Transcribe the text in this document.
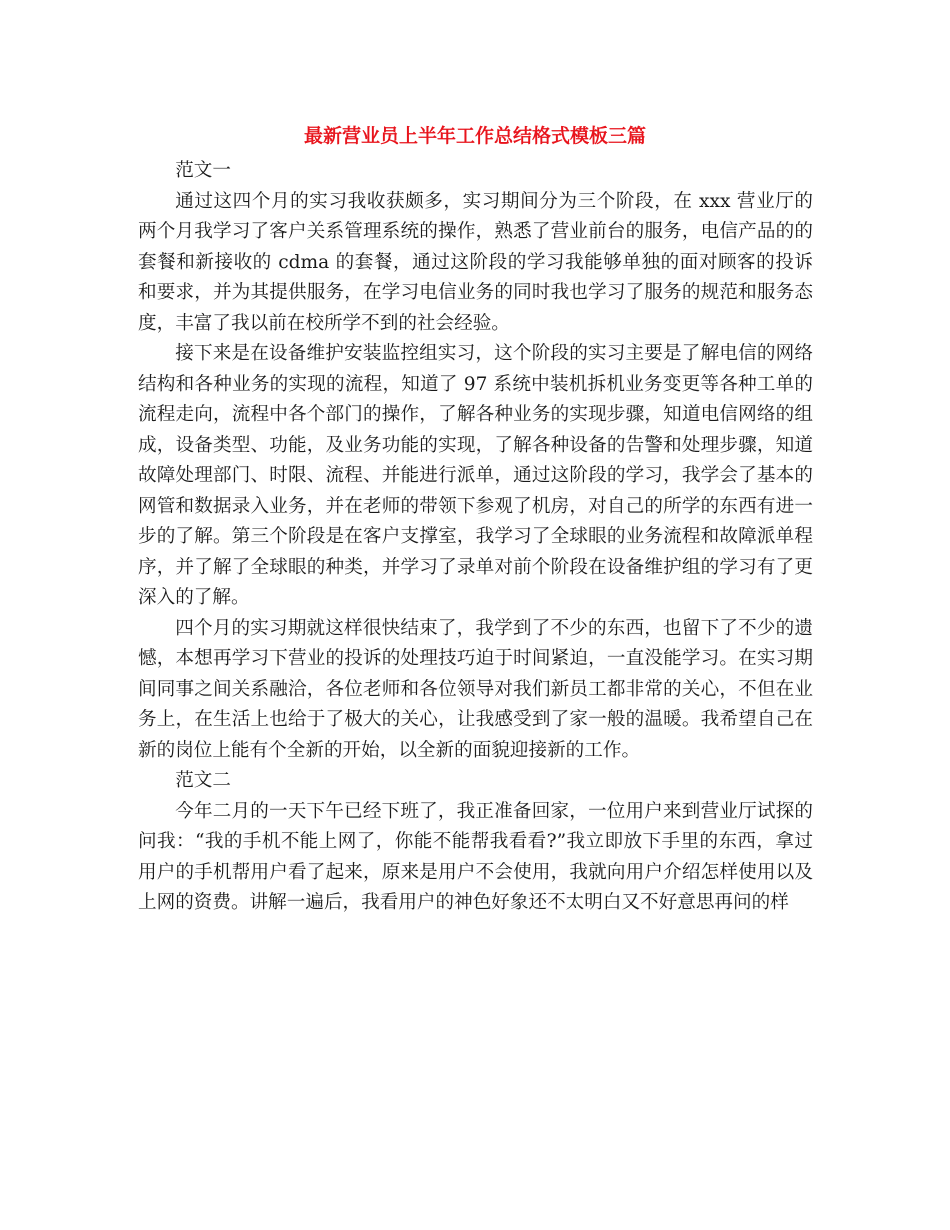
最新营业员上半年工作总结格式模板三篇

范文一

通过这四个月的实习我收获颇多，实习期间分为三个阶段，在 xxx 营业厅的两个月我学习了客户关系管理系统的操作，熟悉了营业前台的服务，电信产品的的套餐和新接收的 cdma 的套餐，通过这阶段的学习我能够单独的面对顾客的投诉和要求，并为其提供服务，在学习电信业务的同时我也学习了服务的规范和服务态度，丰富了我以前在校所学不到的社会经验。

接下来是在设备维护安装监控组实习，这个阶段的实习主要是了解电信的网络结构和各种业务的实现的流程，知道了 97 系统中装机拆机业务变更等各种工单的流程走向，流程中各个部门的操作，了解各种业务的实现步骤，知道电信网络的组成，设备类型、功能，及业务功能的实现，了解各种设备的告警和处理步骤，知道故障处理部门、时限、流程、并能进行派单，通过这阶段的学习，我学会了基本的网管和数据录入业务，并在老师的带领下参观了机房，对自己的所学的东西有进一步的了解。第三个阶段是在客户支撑室，我学习了全球眼的业务流程和故障派单程序，并了解了全球眼的种类，并学习了录单对前个阶段在设备维护组的学习有了更深入的了解。

四个月的实习期就这样很快结束了，我学到了不少的东西，也留下了不少的遗憾，本想再学习下营业的投诉的处理技巧迫于时间紧迫，一直没能学习。在实习期间同事之间关系融洽，各位老师和各位领导对我们新员工都非常的关心，不但在业务上，在生活上也给于了极大的关心，让我感受到了家一般的温暖。我希望自己在新的岗位上能有个全新的开始，以全新的面貌迎接新的工作。

范文二

今年二月的一天下午已经下班了，我正准备回家，一位用户来到营业厅试探的问我：“我的手机不能上网了，你能不能帮我看看?”我立即放下手里的东西，拿过用户的手机帮用户看了起来，原来是用户不会使用，我就向用户介绍怎样使用以及上网的资费。讲解一遍后，我看用户的神色好象还不太明白又不好意思再问的样
